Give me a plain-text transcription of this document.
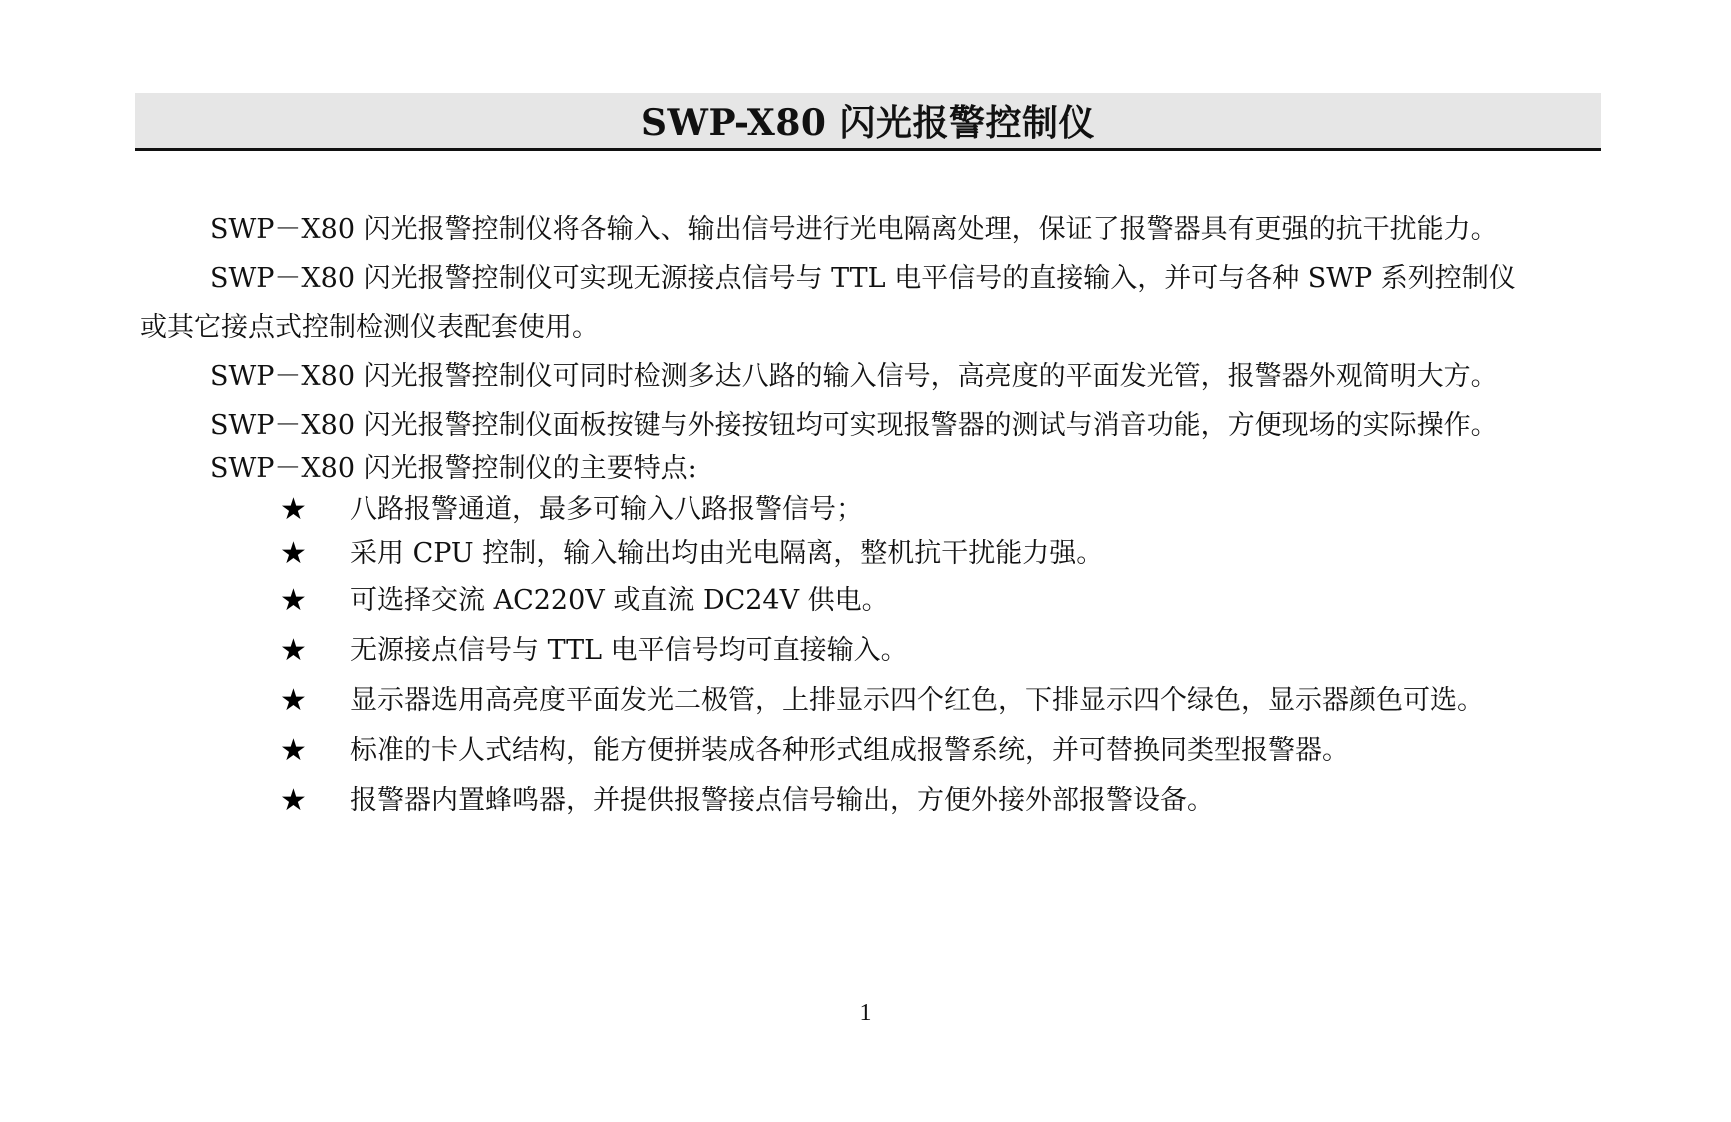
SWP-X80 闪光报警控制仪

SWP－X80 闪光报警控制仪将各输入、输出信号进行光电隔离处理，保证了报警器具有更强的抗干扰能力。

SWP－X80 闪光报警控制仪可实现无源接点信号与 TTL 电平信号的直接输入，并可与各种 SWP 系列控制仪

或其它接点式控制检测仪表配套使用。

SWP－X80 闪光报警控制仪可同时检测多达八路的输入信号，高亮度的平面发光管，报警器外观简明大方。

SWP－X80 闪光报警控制仪面板按键与外接按钮均可实现报警器的测试与消音功能，方便现场的实际操作。

SWP－X80 闪光报警控制仪的主要特点:

★ 八路报警通道，最多可输入八路报警信号；
★ 采用 CPU 控制，输入输出均由光电隔离，整机抗干扰能力强。
★ 可选择交流 AC220V 或直流 DC24V 供电。
★ 无源接点信号与 TTL 电平信号均可直接输入。
★ 显示器选用高亮度平面发光二极管，上排显示四个红色，下排显示四个绿色，显示器颜色可选。
★ 标准的卡人式结构，能方便拼装成各种形式组成报警系统，并可替换同类型报警器。
★ 报警器内置蜂鸣器，并提供报警接点信号输出，方便外接外部报警设备。
1
